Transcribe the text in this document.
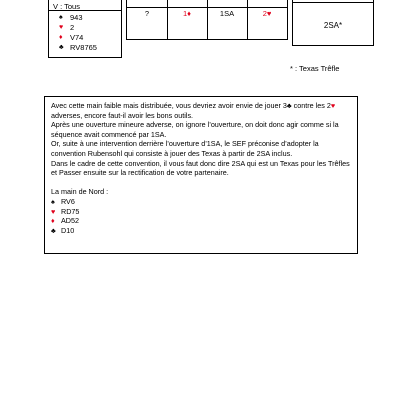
V : Tous
♠ 943
♥ 2
♦ V74
♣ RV8765
?	1♦	1SA	2♥
2SA*
* : Texas Trêfle

Avec cette main faible mais distribuée, vous devriez avoir envie de jouer 3♣ contre les 2♥ adverses, encore faut-il avoir les bons outils.

Après une ouverture mineure adverse, on ignore l’ouverture, on doit donc agir comme si la séquence avait commencé par 1SA.

Or, suite à une intervention derrière l’ouverture d’1SA, le SEF préconise d’adopter la convention Rubensohl qui consiste à jouer des Texas à partir de 2SA inclus.

Dans le cadre de cette convention, il vous faut donc dire 2SA qui est un Texas pour les Trêfles et Passer ensuite sur la rectification de votre partenaire.

La main de Nord :

♠ RV6
♥ RD75
♦ AD52
♣ D10
